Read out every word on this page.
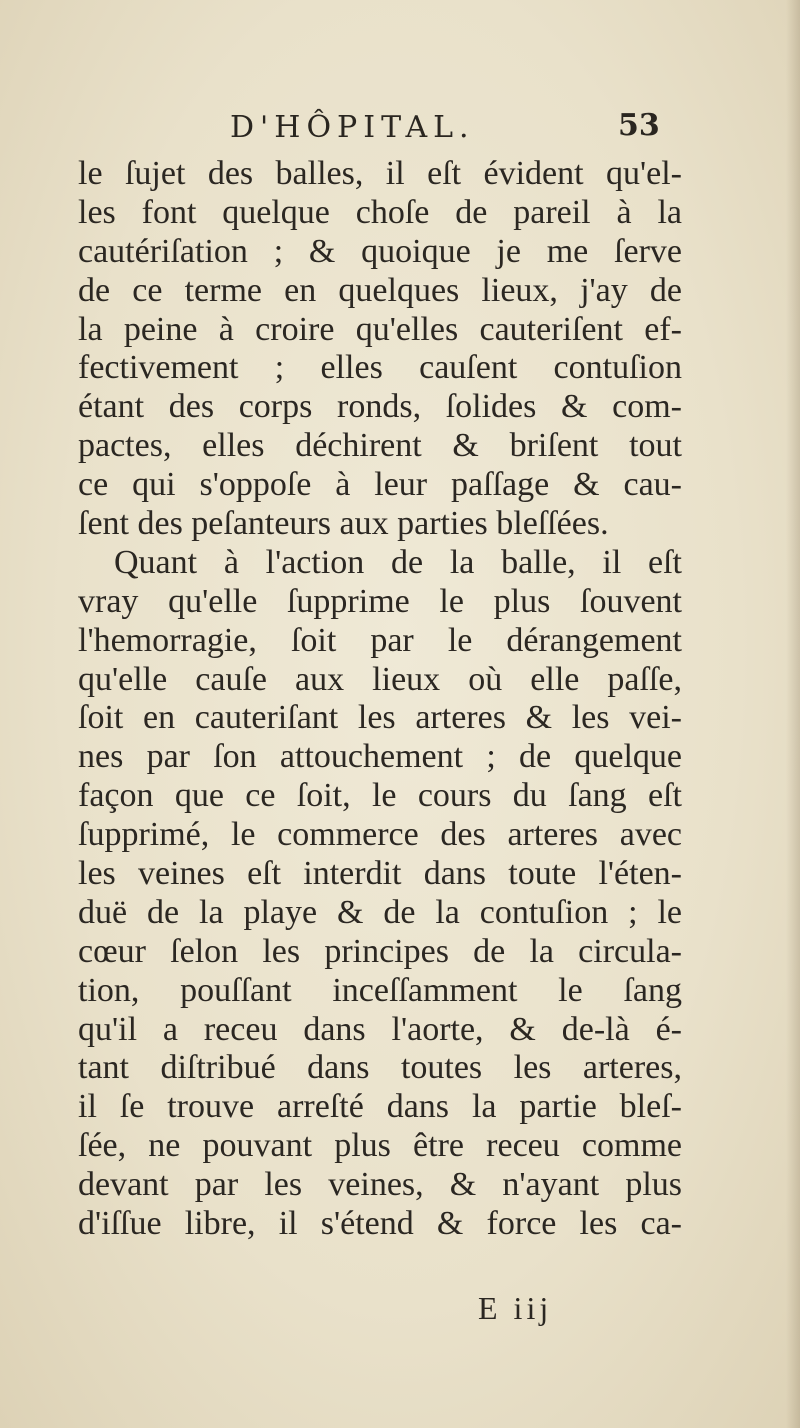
D'HÔPITAL.	53
le ſujet des balles, il eſt évident qu'el-
les font quelque choſe de pareil à la
cautériſation ; & quoique je me ſerve
de ce terme en quelques lieux, j'ay de
la peine à croire qu'elles cauteriſent ef-
fectivement ; elles cauſent contuſion
étant des corps ronds, ſolides & com-
pactes, elles déchirent & briſent tout
ce qui s'oppoſe à leur paſſage & cau-
ſent des peſanteurs aux parties bleſſées.
Quant à l'action de la balle, il eſt
vray qu'elle ſupprime le plus ſouvent
l'hemorragie, ſoit par le dérangement
qu'elle cauſe aux lieux où elle paſſe,
ſoit en cauteriſant les arteres & les vei-
nes par ſon attouchement ; de quelque
façon que ce ſoit, le cours du ſang eſt
ſupprimé, le commerce des arteres avec
les veines eſt interdit dans toute l'éten-
duë de la playe & de la contuſion ; le
cœur ſelon les principes de la circula-
tion, pouſſant inceſſamment le ſang
qu'il a receu dans l'aorte, & de-là é-
tant diſtribué dans toutes les arteres,
il ſe trouve arreſté dans la partie bleſ-
ſée, ne pouvant plus être receu comme
devant par les veines, & n'ayant plus
d'iſſue libre, il s'étend & force les ca-
E iij
